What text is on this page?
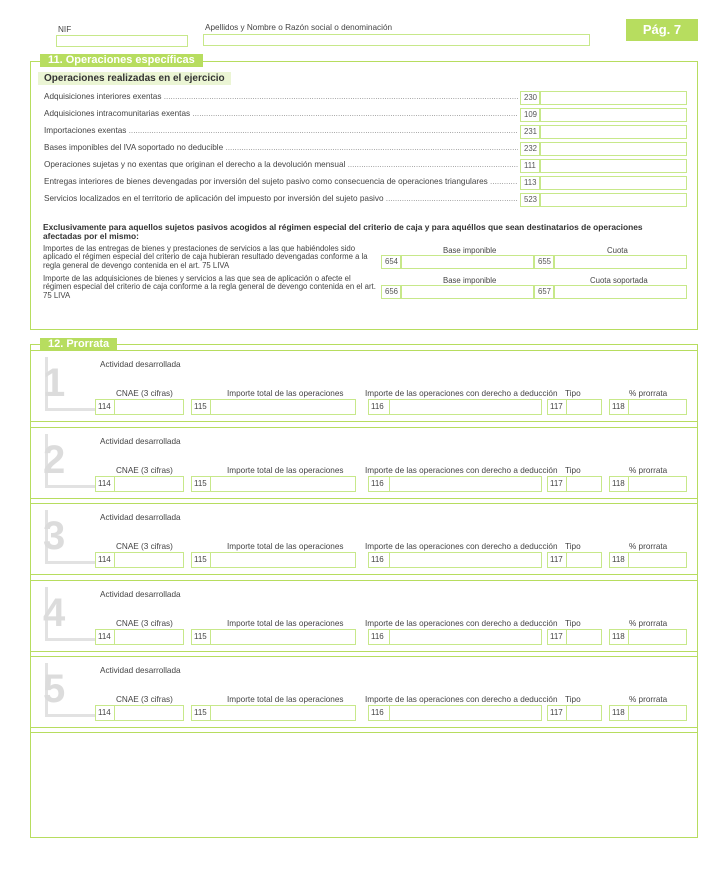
NIF	Apellidos y Nombre o Razón social o denominación	Pág. 7
11. Operaciones específicas
Operaciones realizadas en el ejercicio
Adquisiciones interiores exentas .....	230
Adquisiciones intracomunitarias exentas .....	109
Importaciones exentas .....	231
Bases imponibles del IVA soportado no deducible .....	232
Operaciones sujetas y no exentas que originan el derecho a la devolución mensual .....	111
Entregas interiores de bienes devengadas por inversión del sujeto pasivo como consecuencia de operaciones triangulares .....	113
Servicios localizados en el territorio de aplicación del impuesto por inversión del sujeto pasivo .....	523
Exclusivamente para aquellos sujetos pasivos acogidos al régimen especial del criterio de caja y para aquéllos que sean destinatarios de operaciones afectadas por el mismo:
Importes de las entregas de bienes y prestaciones de servicios a las que habiéndoles sido aplicado el régimen especial del criterio de caja hubieran resultado devengadas conforme a la regla general de devengo contenida en el art. 75 LIVA
Base imponible	Cuota
654	655
Importe de las adquisiciones de bienes y servicios a las que sea de aplicación o afecte el régimen especial del criterio de caja conforme a la regla general de devengo contenida en el art. 75 LIVA
Base imponible	Cuota soportada
656	657
12. Prorrata
1	Actividad desarrollada
CNAE (3 cifras)
114
Importe total de las operaciones
115
Importe de las operaciones con derecho a deducción
116
Tipo
117
% prorrata
118
2	Actividad desarrollada
CNAE (3 cifras)
114
Importe total de las operaciones
115
Importe de las operaciones con derecho a deducción
116
Tipo
117
% prorrata
118
3	Actividad desarrollada
CNAE (3 cifras)
114
Importe total de las operaciones
115
Importe de las operaciones con derecho a deducción
116
Tipo
117
% prorrata
118
4	Actividad desarrollada
CNAE (3 cifras)
114
Importe total de las operaciones
115
Importe de las operaciones con derecho a deducción
116
Tipo
117
% prorrata
118
5	Actividad desarrollada
CNAE (3 cifras)
114
Importe total de las operaciones
115
Importe de las operaciones con derecho a deducción
116
Tipo
117
% prorrata
118
